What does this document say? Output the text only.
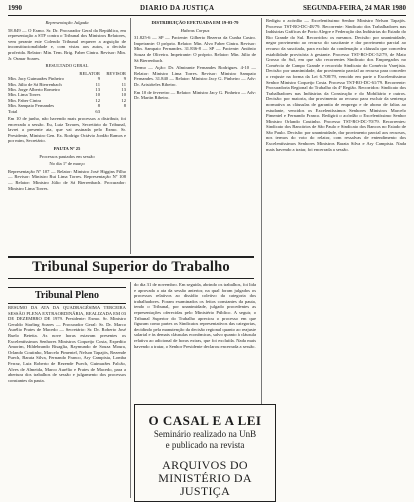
1990	DIARIO DA JUSTIÇA	SEGUNDA-FEIRA, 24 MAR 1980

Representação Julgada

58.849 — O Exmo. Sr. Dr. Procurador Geral da República, em representação a STF contra o Tribunal dos Ministros Relatores, vem perante este Colendo Tribunal requerer a arguição de inconstitucionalidade e, com vistas aos autos, a decisão proferida. Relator: Min. Tem. Brig. Faber Cintra. Revisor: Min. Jr. Osmar Soares.

RESULTADO GERAL

	RELATOR	REVISOR
Min. Jacy Guimarães Pinheiro	9	9
Min. Júlio de Sá Bierrenbach	11	11
Min. Jorge Alberto Romeiro	13	13
Min. Lima Torres	10	10
Min. Faber Cintra	12	12
Min. Sampaio Fernandes	8	8
Total	63	

Em 10 de junho, não havendo mais processos a distribuir, foi encerrada a sessão. Eu, Luiz Tavares, Secretário do Tribunal, lavrei a presente ata, que vai assinada pelo Exmo. Sr. Presidente, Ministro Gen. Ex. Rodrigo Octávio Jordão Ramos e por mim, Secretário.

PAUTA Nº 25

Processos pautados em sessão

No dia 1º de março

Representação Nº 107 — Relator: Ministro José Higgins Filho — Revisor: Ministro Rui Lima Torres. Representação Nº 108 — Relator: Ministro Júlio de Sá Bierrenbach. Procurador: Ministro Lima Torres.

DISTRIBUIÇÃO EFETUADA EM 19-03-79

Habeas Corpus

31.825-6 — SP — Paciente: Gilberto Bezerra da Cunha Castro. Impetrante: O próprio. Relator: Min. Alvo Faber Cintra. Revisor: Min. Sampaio Fernandes. 31.836-8 — SP — Paciente: Antônio Souza de Oliveira. Impetrante: O próprio. Relator: Min. Júlio de Sá Bierrenbach.

Termo — Ação: Dr. Almirante Fernandes Rodrigues. 4-10 — Relator: Ministro Lima Torres. Revisor: Ministro Sampaio Fernandes. 31.840 — Relator: Ministro Jacy G. Pinheiro — Adv: Dr. Aristóteles Ribeiro.

Em 10 de fevereiro — Relator: Ministro Jacy G. Pinheiro — Adv: Dr. Martin Ribeiro.

Tribunal Superior do Trabalho
Tribunal Pleno

RESUMO DA ATA DA QUADRAGÉSIMA TERCEIRA SESSÃO PLENA EXTRAORDINÁRIA, REALIZADA EM 03 DE DEZEMBRO DE 1979. Presidente: Exmo. Sr. Ministro Geraldo Starling Soares — Procurador Geral: Sr. Dr. Marco Aurélio Prates de Macedo — Secretário: Sr. Dr. Roberto José Ruelo Betetta. As nove horas estavam presentes os Excelentíssimos Senhores Ministros Coqueijo Costa, Expedito Amorim, Hildebrando Bisaglia, Raymundo de Souza Moura, Orlando Coutinho, Marcelo Pimentel, Nelson Tapajós, Rezende Puech, Barata Silva, Fernando Franco, Ary Campista, Lomba Ferraz, Luiz Roberto de Rezende Puech, Guimarães Falcão, Alves de Almeida, Marco Aurélio e Prates de Macedo, para a abertura dos trabalhos de sessão e julgamento dos processos constantes da pauta.

do dia 31 de novembro. Em seguida, abrindo os trabalhos, foi lida e aprovada a ata da sessão anterior, na qual foram julgados os processos relativos ao dissídio coletivo da categoria dos trabalhadores. Foram examinados os feitos constantes da pauta, tendo o Tribunal, por unanimidade, julgado procedentes as representações oferecidas pelo Ministério Público. A seguir, o Tribunal Superior do Trabalho apreciou o processo em que figuram como partes os Sindicatos representativos das categorias, decidindo pela manutenção da decisão regional quanto ao reajuste salarial e às demais cláusulas econômicas, salvo quanto à cláusula relativa ao adicional de horas extras, que foi excluída. Nada mais havendo a tratar, o Senhor Presidente declarou encerrada a sessão.

Redigiu o acórdão — Excelentíssimo Senhor Ministro Nelson Tapajós. Processo TST-RO-DC-48/79. Recorrente: Sindicato dos Trabalhadores nas Indústrias Gráficas de Porto Alegre e Federação das Indústrias do Estado do Rio Grande do Sul. Recorridos: os mesmos. Decisão: por unanimidade, negar provimento ao recurso do suscitante e dar provimento parcial ao recurso da suscitada, para excluir da condenação a cláusula que concedeu estabilidade provisória à gestante. Processo TST-RO-DC-52/79, de Mato Grosso do Sul, em que são recorrentes Sindicato dos Empregados no Comércio de Campo Grande e recorrido Sindicato do Comércio Varejista. Decisão: por unanimidade, dar provimento parcial ao recurso para conceder o reajuste na forma da Lei 6.708/79, vencido em parte o Excelentíssimo Senhor Ministro Coqueijo Costa. Processo TST-RO-DC-61/79. Recorrente: Procuradoria Regional do Trabalho da 4ª Região. Recorridos: Sindicato dos Trabalhadores nas Indústrias da Construção e do Mobiliário e outros. Decisão: por maioria, dar provimento ao recurso para excluir da sentença normativa as cláusulas de garantia de emprego e de abono de faltas ao estudante, vencidos os Excelentíssimos Senhores Ministros Marcelo Pimentel e Fernando Franco. Redigirá o acórdão o Excelentíssimo Senhor Ministro Orlando Coutinho. Processo TST-RO-DC-70/79. Recorrentes: Sindicato dos Bancários de São Paulo e Sindicato dos Bancos no Estado de São Paulo. Decisão: por unanimidade, dar provimento parcial aos recursos, nos termos do voto do relator, com ressalvas de entendimento dos Excelentíssimos Senhores Ministros Barata Silva e Ary Campista. Nada mais havendo a tratar, foi encerrada a sessão.

O CASAL E A LEI
Seminário realizado na UnB
e publicado na revista
ARQUIVOS DO MINISTÉRIO DA JUSTIÇA
